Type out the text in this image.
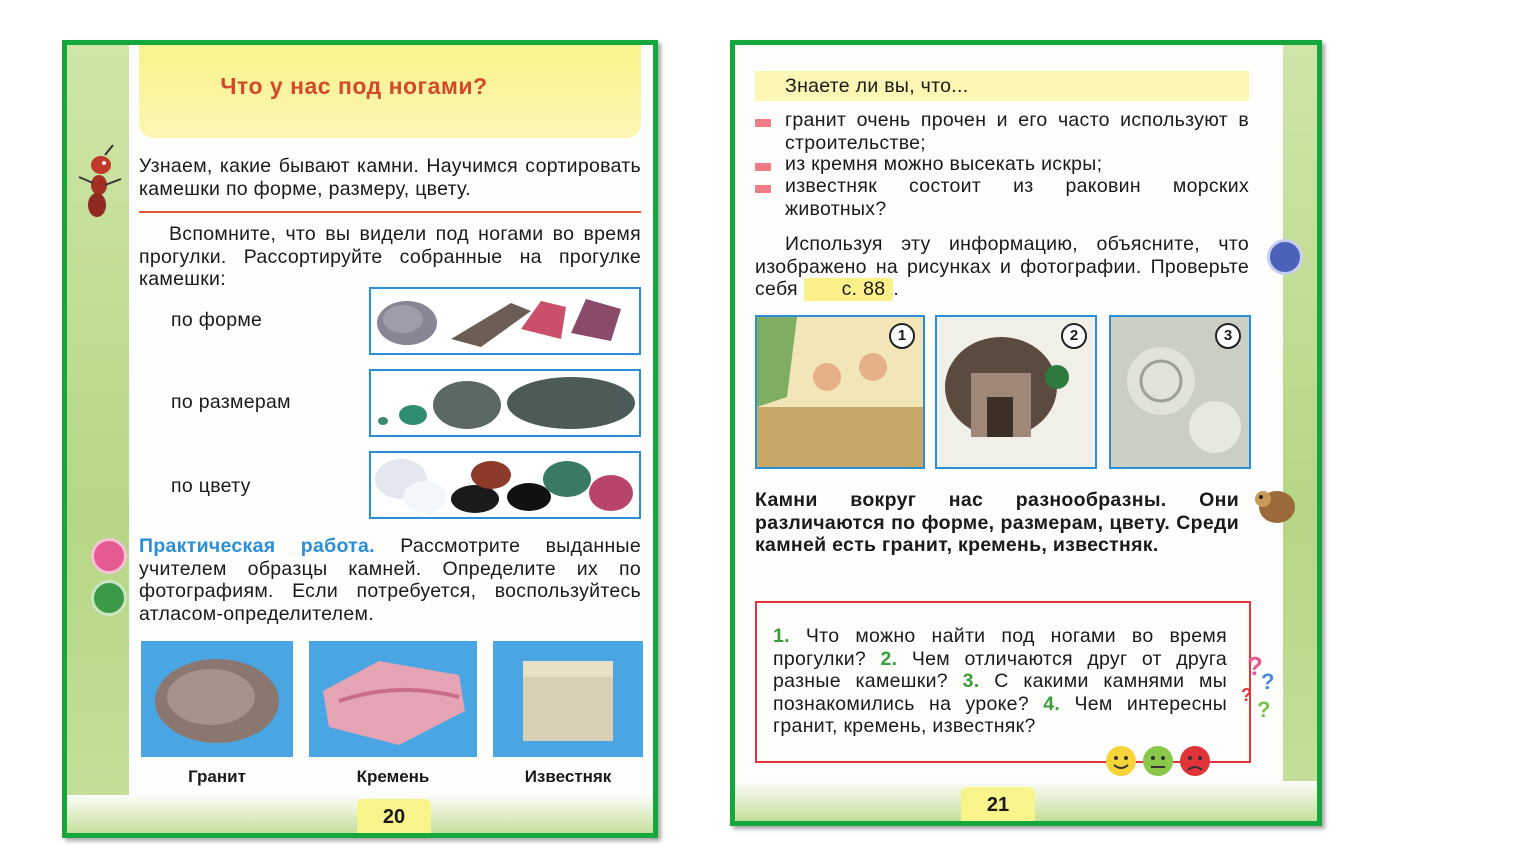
Что у нас под ногами?
Узнаем, какие бывают камни. Научимся сортировать камешки по форме, размеру, цвету.
Вспомните, что вы видели под ногами во время прогулки. Рассортируйте собранные на прогулке камешки:
по форме
по размерам
по цвету
Практическая работа. Рассмотрите выданные учителем образцы камней. Определите их по фотографиям. Если потребуется, воспользуйтесь атласом-определителем.
Гранит	Кремень	Известняк
20
Знаете ли вы, что...
гранит очень прочен и его часто используют в строительстве;
из кремня можно высекать искры;
известняк состоит из раковин морских животных?
Используя эту информацию, объясните, что изображено на рисунках и фотографии. Проверьте себя с. 88 .
1	2	3
Камни вокруг нас разнообразны. Они различаются по форме, размерам, цвету. Среди камней есть гранит, кремень, известняк.
1. Что можно найти под ногами во время прогулки? 2. Чем отличаются друг от друга разные камешки? 3. С какими камнями мы познакомились на уроке? 4. Чем интересны гранит, кремень, известняк?
?
?
?
?
21
